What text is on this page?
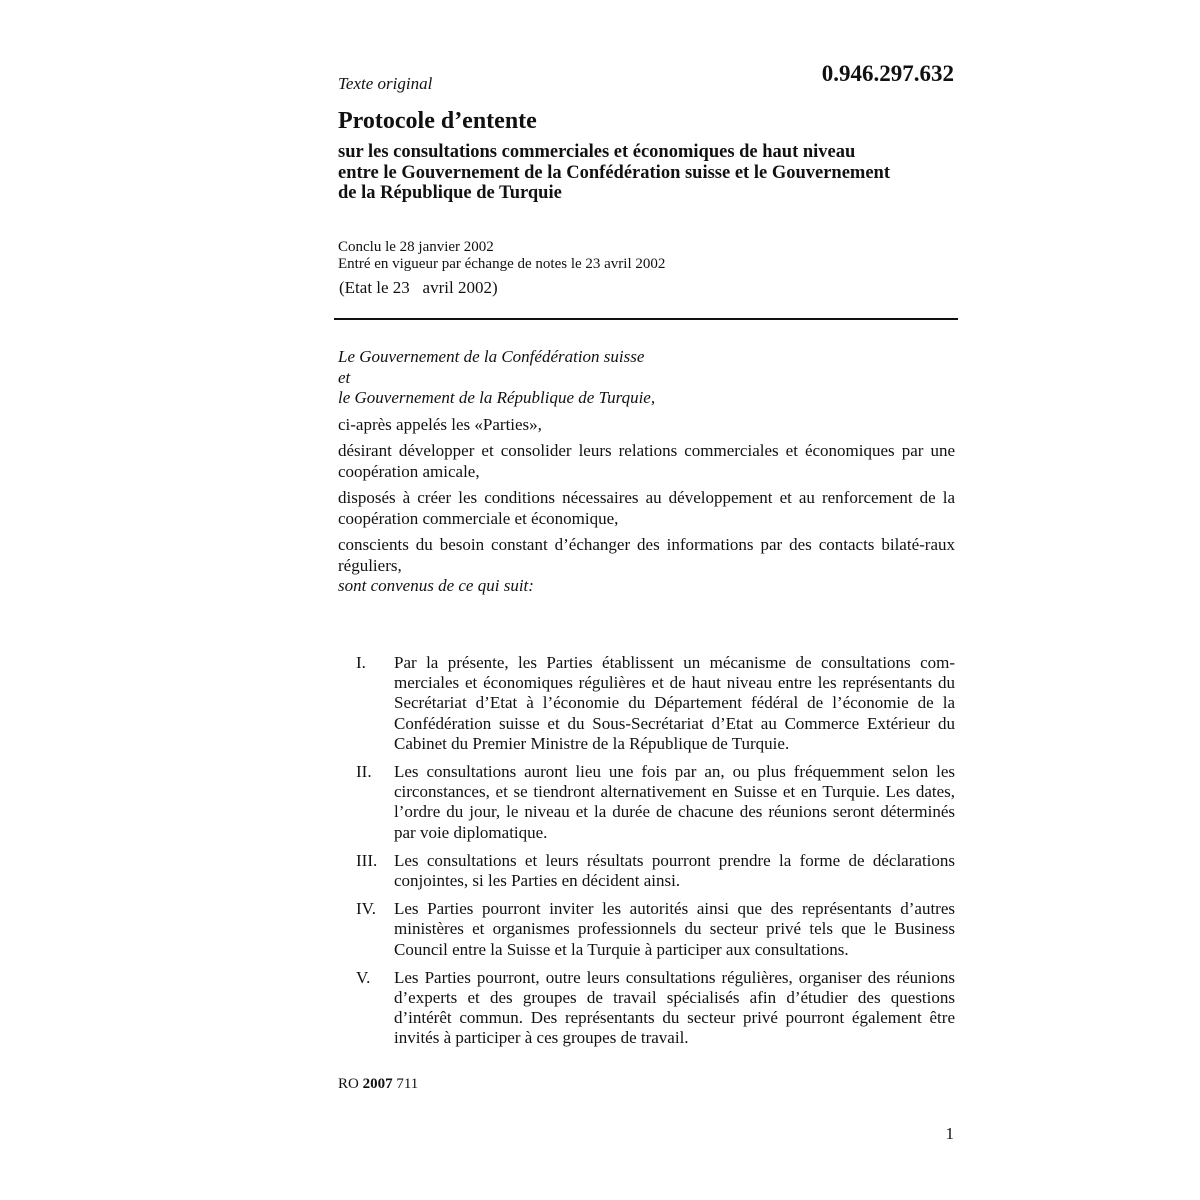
Texte original	0.946.297.632
Protocole d’entente
sur les consultations commerciales et économiques de haut niveau
entre le Gouvernement de la Confédération suisse et le Gouvernement
de la République de Turquie
Conclu le 28 janvier 2002
Entré en vigueur par échange de notes le 23 avril 2002
(Etat le 23   avril 2002)

Le Gouvernement de la Confédération suisse

et

le Gouvernement de la République de Turquie,

ci-après appelés les «Parties»,

désirant développer et consolider leurs relations commerciales et économiques par une coopération amicale,

disposés à créer les conditions nécessaires au développement et au renforcement de la coopération commerciale et économique,

conscients du besoin constant d’échanger des informations par des contacts bilaté-raux réguliers,

sont convenus de ce qui suit:

I.	Par la présente, les Parties établissent un mécanisme de consultations com-merciales et économiques régulières et de haut niveau entre les représentants du Secrétariat d’Etat à l’économie du Département fédéral de l’économie de la Confédération suisse et du Sous-Secrétariat d’Etat au Commerce Extérieur du Cabinet du Premier Ministre de la République de Turquie.
II.	Les consultations auront lieu une fois par an, ou plus fréquemment selon les circonstances, et se tiendront alternativement en Suisse et en Turquie. Les dates, l’ordre du jour, le niveau et la durée de chacune des réunions seront déterminés par voie diplomatique.
III. Les consultations et leurs résultats pourront prendre la forme de déclarations conjointes, si les Parties en décident ainsi.
IV.	Les Parties pourront inviter les autorités ainsi que des représentants d’autres ministères et organismes professionnels du secteur privé tels que le Business Council entre la Suisse et la Turquie à participer aux consultations.
V.	Les Parties pourront, outre leurs consultations régulières, organiser des réunions d’experts et des groupes de travail spécialisés afin d’étudier des questions d’intérêt commun. Des représentants du secteur privé pourront également être invités à participer à ces groupes de travail.
RO 2007 711
1
